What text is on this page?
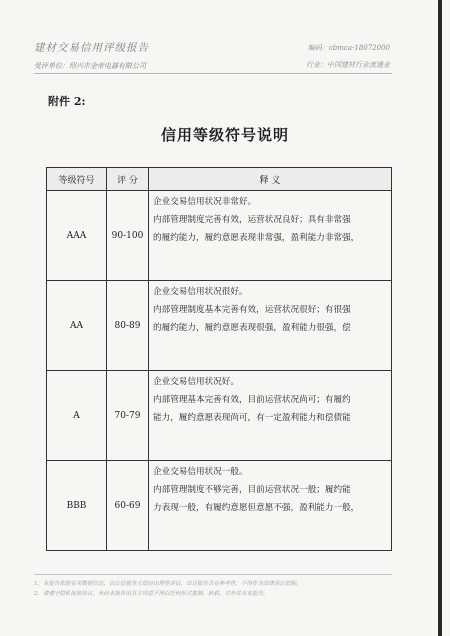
建材交易信用评级报告
受评单位：绍兴市金帝电器有限公司
编码：cbmca-18072000
行业：中国建材行业流通业
附件 2:
信用等级符号说明
等级符号	评 分	释 义
AAA	90-100	企业交易信用状况非常好。
内部管理制度完善有效，运营状况良好；具有非常强
的履约能力，履约意愿表现非常强，盈利能力非常强，

AA	80-89	企业交易信用状况很好。
内部管理制度基本完善有效，运营状况很好；有很强
的履约能力，履约意愿表现很强，盈利能力很强，偿

A	70-79	企业交易信用状况好。
内部管理基本完善有效，目前运营状况尚可；有履约
能力，履约意愿表现尚可，有一定盈利能力和偿债能

BBB	60-69	企业交易信用状况一般。
内部管理制度不够完善，目前运营状况一般；履约能
力表现一般，有履约意愿但意愿不强，盈利能力一般，
1、本报告依据有关数据信息，以公信服务方法经由理性评估，出具报告具有参考性，不得作为法律诉讼依据。
2、请遵守隐私保密协议，未经本报告出具方同意不得以任何形式复制、转载、对外发布本报告。
